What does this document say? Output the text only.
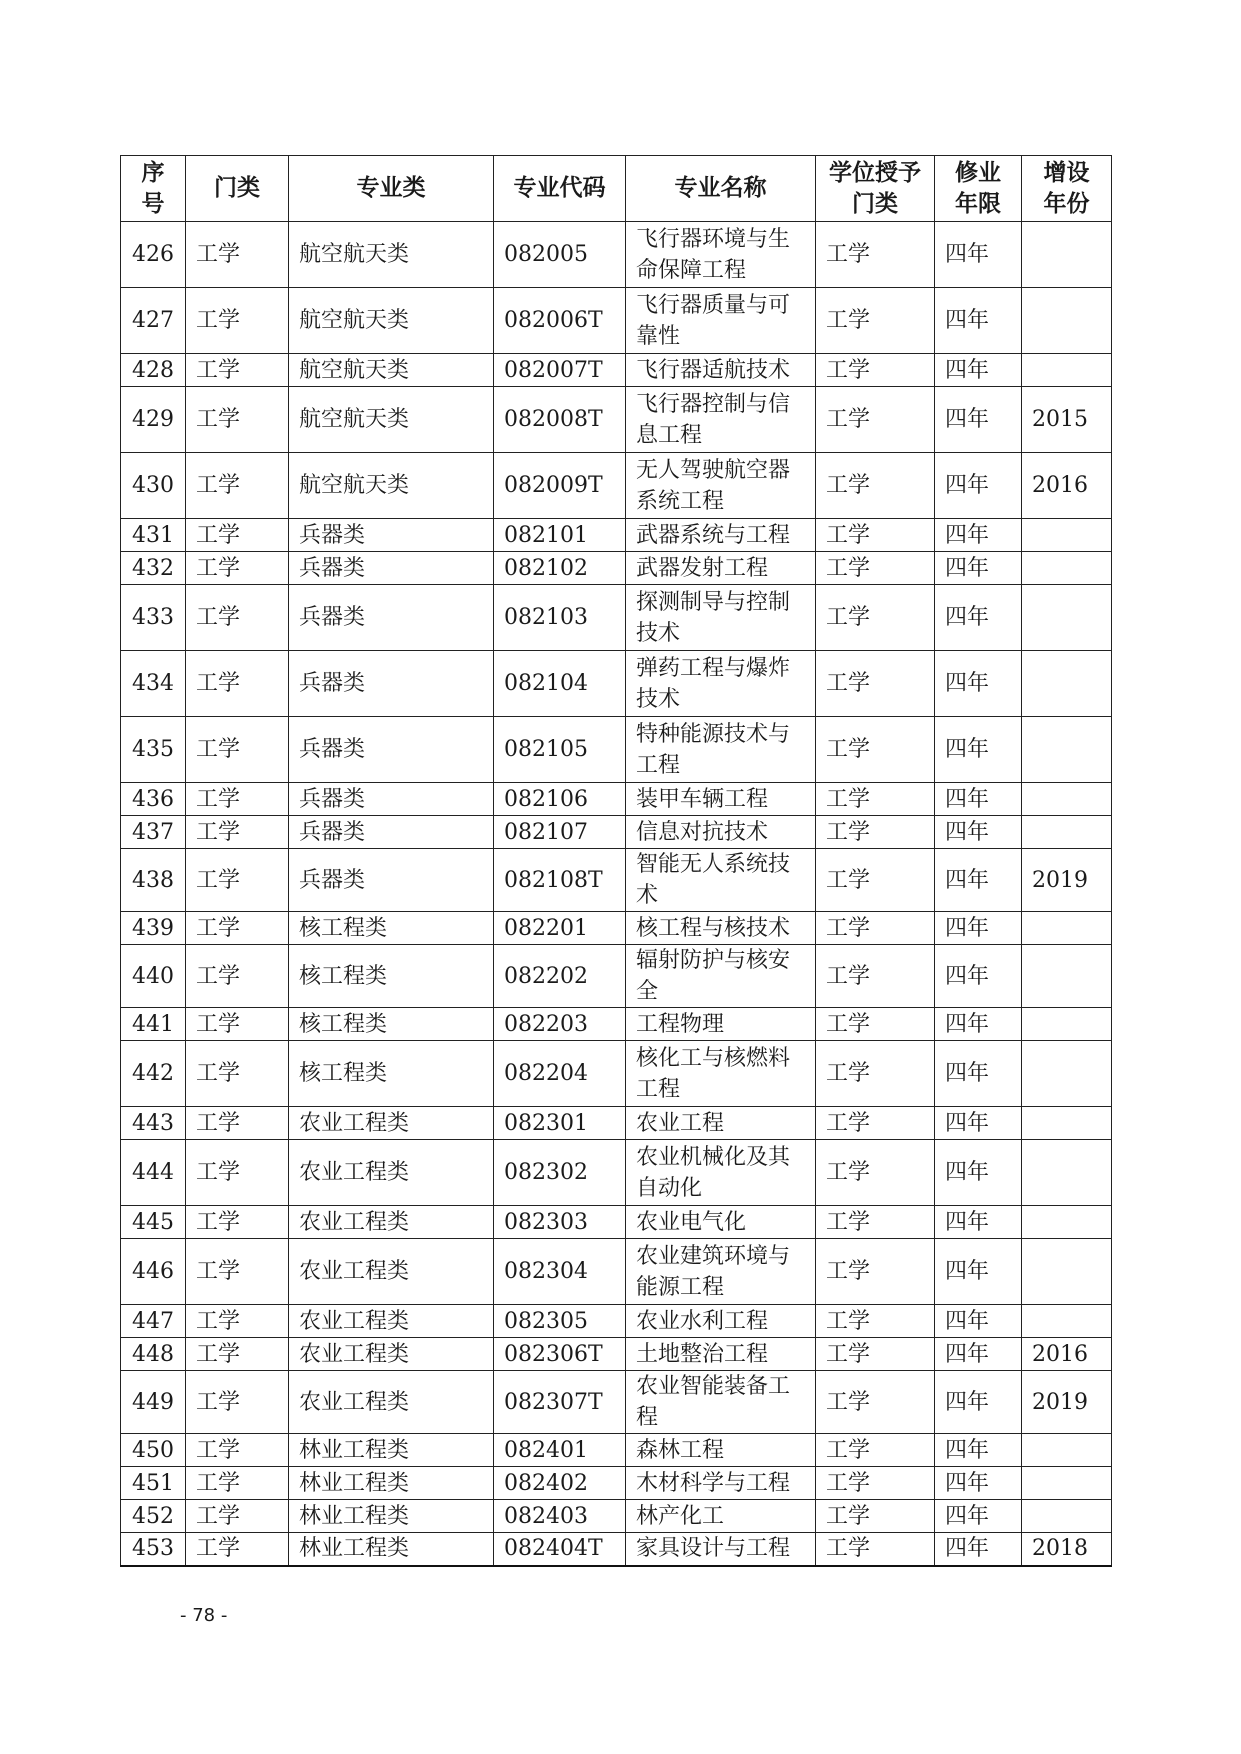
序号	门类	专业类	专业代码	专业名称	学位授予门类	修业年限	增设年份
426	工学	航空航天类	082005	飞行器环境与生命保障工程	工学	四年	
427	工学	航空航天类	082006T	飞行器质量与可靠性	工学	四年	
428	工学	航空航天类	082007T	飞行器适航技术	工学	四年	
429	工学	航空航天类	082008T	飞行器控制与信息工程	工学	四年	2015
430	工学	航空航天类	082009T	无人驾驶航空器系统工程	工学	四年	2016
431	工学	兵器类	082101	武器系统与工程	工学	四年	
432	工学	兵器类	082102	武器发射工程	工学	四年	
433	工学	兵器类	082103	探测制导与控制技术	工学	四年	
434	工学	兵器类	082104	弹药工程与爆炸技术	工学	四年	
435	工学	兵器类	082105	特种能源技术与工程	工学	四年	
436	工学	兵器类	082106	装甲车辆工程	工学	四年	
437	工学	兵器类	082107	信息对抗技术	工学	四年	
438	工学	兵器类	082108T	智能无人系统技术	工学	四年	2019
439	工学	核工程类	082201	核工程与核技术	工学	四年	
440	工学	核工程类	082202	辐射防护与核安全	工学	四年	
441	工学	核工程类	082203	工程物理	工学	四年	
442	工学	核工程类	082204	核化工与核燃料工程	工学	四年	
443	工学	农业工程类	082301	农业工程	工学	四年	
444	工学	农业工程类	082302	农业机械化及其自动化	工学	四年	
445	工学	农业工程类	082303	农业电气化	工学	四年	
446	工学	农业工程类	082304	农业建筑环境与能源工程	工学	四年	
447	工学	农业工程类	082305	农业水利工程	工学	四年	
448	工学	农业工程类	082306T	土地整治工程	工学	四年	2016
449	工学	农业工程类	082307T	农业智能装备工程	工学	四年	2019
450	工学	林业工程类	082401	森林工程	工学	四年	
451	工学	林业工程类	082402	木材科学与工程	工学	四年	
452	工学	林业工程类	082403	林产化工	工学	四年	
453	工学	林业工程类	082404T	家具设计与工程	工学	四年	2018
- 78 -
